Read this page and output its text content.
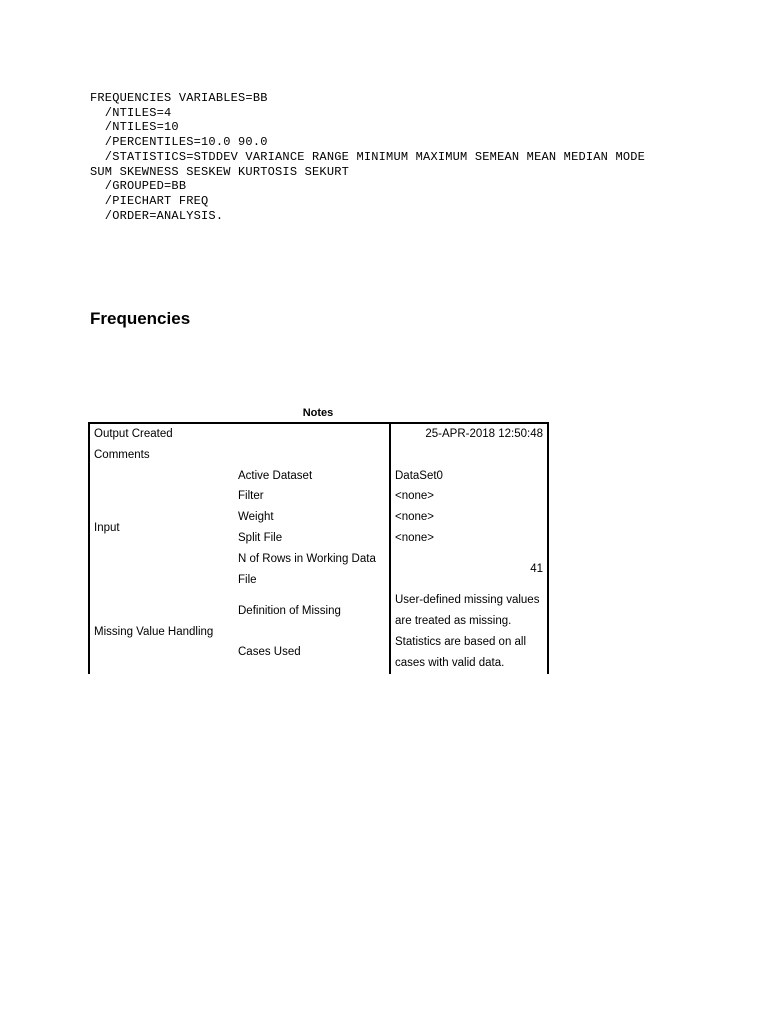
FREQUENCIES VARIABLES=BB
/NTILES=4
/NTILES=10
/PERCENTILES=10.0 90.0
/STATISTICS=STDDEV VARIANCE RANGE MINIMUM MAXIMUM SEMEAN MEAN MEDIAN MODE
SUM SKEWNESS SESKEW KURTOSIS SEKURT
/GROUPED=BB
/PIECHART FREQ
/ORDER=ANALYSIS.
Frequencies
Notes
Output Created		25-APR-2018 12:50:48
Comments		
Input	Active Dataset	DataSet0
	Filter	<none>
	Weight	<none>
	Split File	<none>
	N of Rows in Working Data	41
	File	
Missing Value Handling	Definition of Missing	User-defined missing values
		are treated as missing.
	Cases Used	Statistics are based on all
		cases with valid data.
